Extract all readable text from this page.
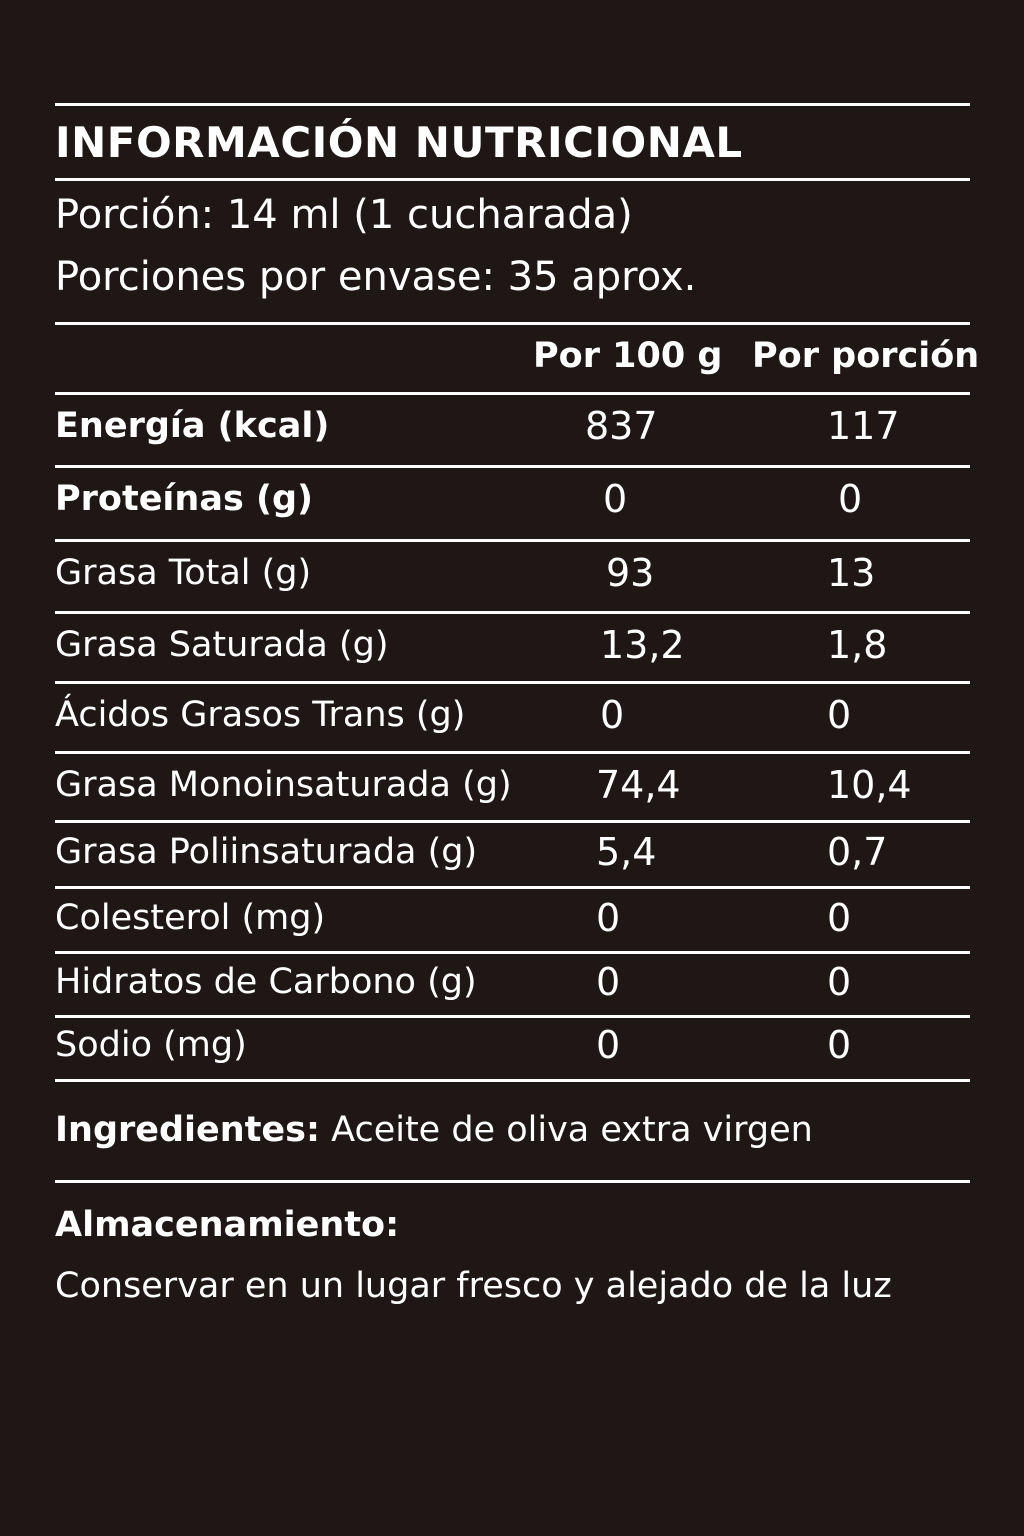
INFORMACIÓN NUTRICIONAL
Porción: 14 ml (1 cucharada)
Porciones por envase: 35 aprox.
Por 100 g Por porción
Energía (kcal)	837	117
Proteínas (g)	0	0
Grasa Total (g)	93	13
Grasa Saturada (g)	13,2	1,8
Ácidos Grasos Trans (g)	0	0
Grasa Monoinsaturada (g) 74,4	10,4
Grasa Poliinsaturada (g)	5,4	0,7
Colesterol (mg)	0	0
Hidratos de Carbono (g)	0	0
Sodio (mg)	0	0
Ingredientes: Aceite de oliva extra virgen
Almacenamiento:
Conservar en un lugar fresco y alejado de la luz
